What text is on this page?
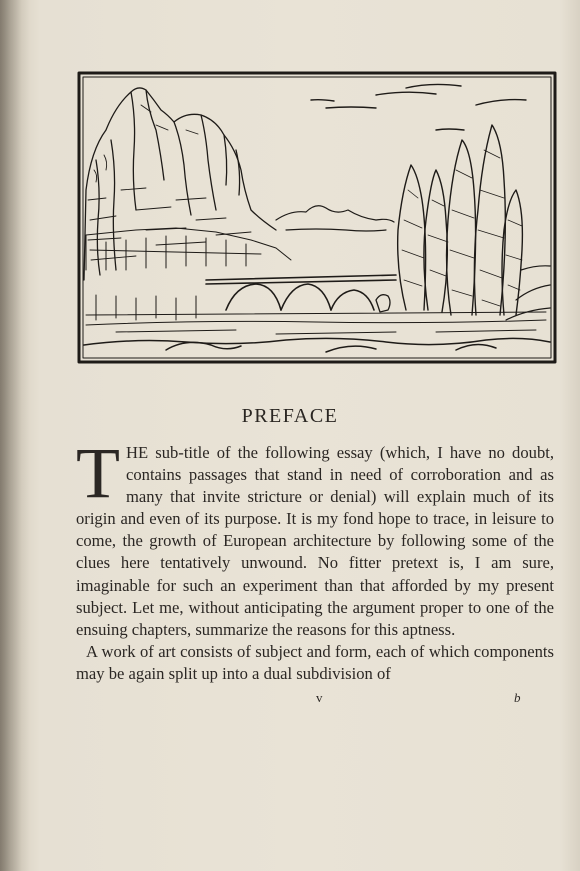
PREFACE

THE sub-title of the following essay (which, I have no doubt, contains passages that stand in need of corroboration and as many that invite stricture or denial) will explain much of its origin and even of its purpose. It is my fond hope to trace, in leisure to come, the growth of European architecture by following some of the clues here tentatively unwound. No fitter pretext is, I am sure, imaginable for such an experiment than that afforded by my present subject. Let me, without anticipating the argument proper to one of the ensuing chapters, summarize the reasons for this aptness.

A work of art consists of subject and form, each of which components may be again split up into a dual subdivision of

v	b
